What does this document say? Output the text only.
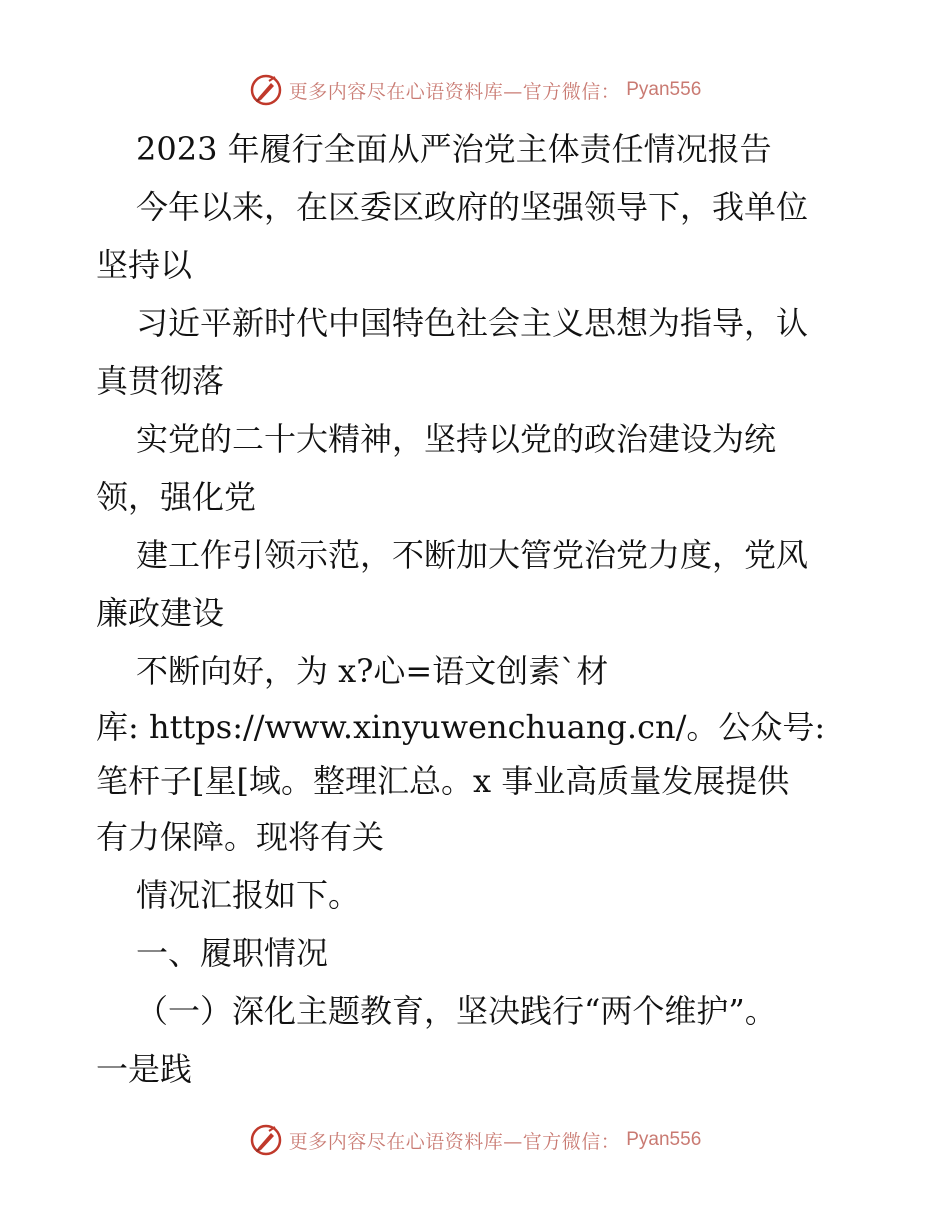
更多内容尽在心语资料库—官方微信： Pyan556

2023 年履行全面从严治党主体责任情况报告

今年以来，在区委区政府的坚强领导下，我单位

坚持以

习近平新时代中国特色社会主义思想为指导，认

真贯彻落

实党的二十大精神，坚持以党的政治建设为统

领，强化党

建工作引领示范，不断加大管党治党力度，党风

廉政建设

不断向好，为 x?心=语文创素`材

库: https://www.xinyuwenchuang.cn/。公众号:

笔杆子[星[域。整理汇总。x 事业高质量发展提供

有力保障。现将有关

情况汇报如下。

一、履职情况

（一）深化主题教育，坚决践行“两个维护”。

一是践

更多内容尽在心语资料库—官方微信： Pyan556
